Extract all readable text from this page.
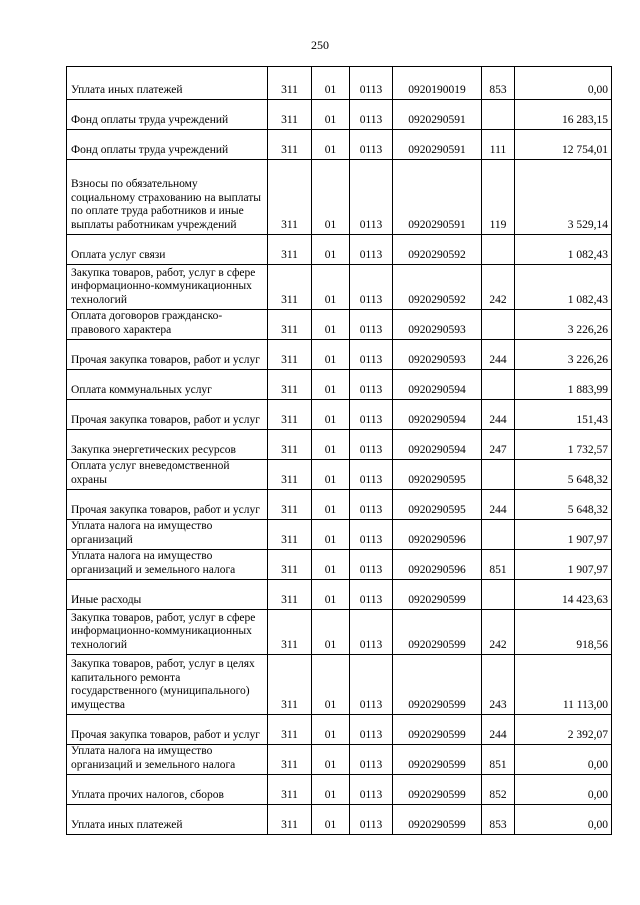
250
Уплата иных платежей	311	01	0113	0920190019	853	0,00
Фонд оплаты труда учреждений	311	01	0113	0920290591		16 283,15
Фонд оплаты труда учреждений	311	01	0113	0920290591	111	12 754,01
Взносы по обязательному социальному страхованию на выплаты по оплате труда работников и иные выплаты работникам учреждений	311	01	0113	0920290591	119	3 529,14
Оплата услуг связи	311	01	0113	0920290592		1 082,43
Закупка товаров, работ, услуг в сфере информационно-коммуникационных технологий	311	01	0113	0920290592	242	1 082,43
Оплата договоров гражданско-правового характера	311	01	0113	0920290593		3 226,26
Прочая закупка товаров, работ и услуг	311	01	0113	0920290593	244	3 226,26
Оплата коммунальных услуг	311	01	0113	0920290594		1 883,99
Прочая закупка товаров, работ и услуг	311	01	0113	0920290594	244	151,43
Закупка энергетических ресурсов	311	01	0113	0920290594	247	1 732,57
Оплата услуг вневедомственной охраны	311	01	0113	0920290595		5 648,32
Прочая закупка товаров, работ и услуг	311	01	0113	0920290595	244	5 648,32
Уплата налога на имущество организаций	311	01	0113	0920290596		1 907,97
Уплата налога на имущество организаций и земельного налога	311	01	0113	0920290596	851	1 907,97
Иные расходы	311	01	0113	0920290599		14 423,63
Закупка товаров, работ, услуг в сфере информационно-коммуникационных технологий	311	01	0113	0920290599	242	918,56
Закупка товаров, работ, услуг в целях капитального ремонта государственного (муниципального) имущества	311	01	0113	0920290599	243	11 113,00
Прочая закупка товаров, работ и услуг	311	01	0113	0920290599	244	2 392,07
Уплата налога на имущество организаций и земельного налога	311	01	0113	0920290599	851	0,00
Уплата прочих налогов, сборов	311	01	0113	0920290599	852	0,00
Уплата иных платежей	311	01	0113	0920290599	853	0,00
